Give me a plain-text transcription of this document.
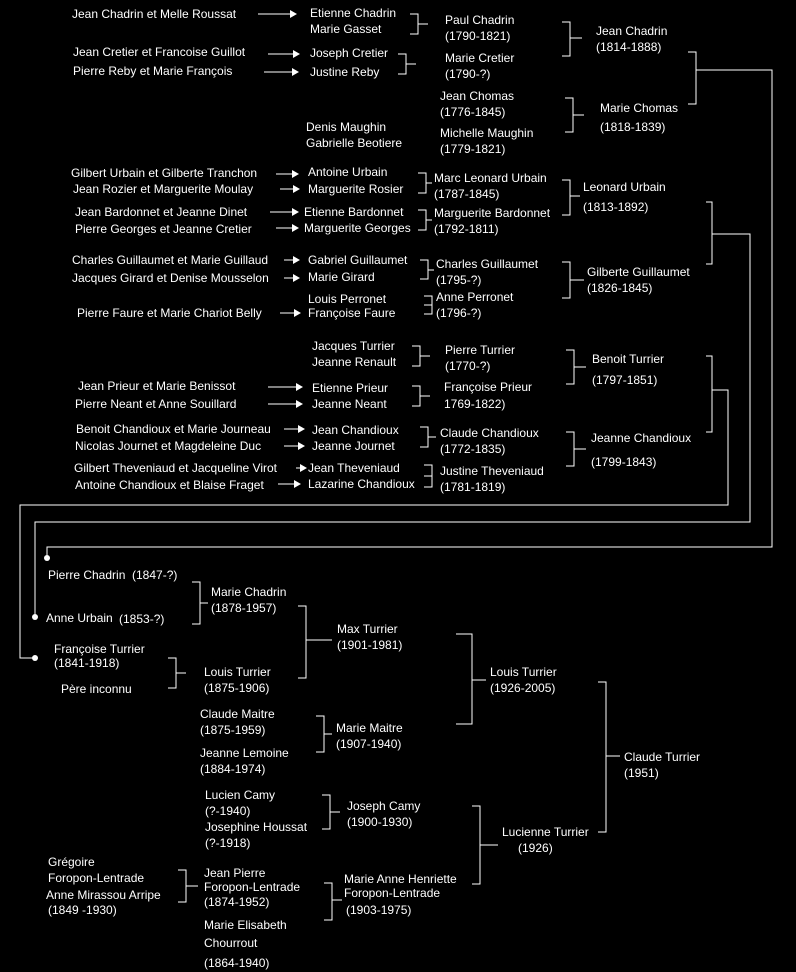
Jean Chadrin et Melle Roussat
Jean Cretier et Francoise Guillot
Pierre Reby et Marie François
Gilbert Urbain et Gilberte Tranchon
Jean Rozier et Marguerite Moulay
Jean Bardonnet et Jeanne Dinet
Pierre Georges et Jeanne Cretier
Charles Guillaumet et Marie Guillaud
Jacques Girard et Denise Mousselon
Pierre Faure et Marie Chariot Belly
Jean Prieur et Marie Benissot
Pierre Neant et Anne Souillard
Benoit Chandioux et Marie Journeau
Nicolas Journet et Magdeleine Duc
Gilbert Theveniaud et Jacqueline Virot
Antoine Chandioux et Blaise Fraget
Etienne Chadrin
Marie Gasset
Joseph Cretier
Justine Reby
Denis Maughin
Gabrielle Beotiere
Antoine Urbain
Marguerite Rosier
Etienne Bardonnet
Marguerite Georges
Gabriel Guillaumet
Marie Girard
Louis Perronet
Françoise Faure
Jacques Turrier
Jeanne Renault
Etienne Prieur
Jeanne Neant
Jean Chandioux
Jeanne Journet
Jean Theveniaud
Lazarine Chandioux
Paul Chadrin
(1790-1821)
Marie Cretier
(1790-?)
Jean Chomas
(1776-1845)
Michelle Maughin
(1779-1821)
Marc Leonard Urbain
(1787-1845)
Marguerite Bardonnet
(1792-1811)
Charles Guillaumet
(1795-?)
Anne Perronet
(1796-?)
Pierre Turrier
(1770-?)
Françoise Prieur
1769-1822)
Claude Chandioux
(1772-1835)
Justine Theveniaud
(1781-1819)
Jean Chadrin
(1814-1888)
Marie Chomas
(1818-1839)
Leonard Urbain
(1813-1892)
Gilberte Guillaumet
(1826-1845)
Benoit Turrier
(1797-1851)
Jeanne Chandioux
(1799-1843)
Pierre Chadrin (1847-?)
Anne Urbain (1853-?)
Françoise Turrier
(1841-1918)
Père inconnu
Marie Chadrin
(1878-1957)
Louis Turrier
(1875-1906)
Claude Maitre
(1875-1959)
Jeanne Lemoine
(1884-1974)
Lucien Camy
(?-1940)
Josephine Houssat
(?-1918)
Grégoire
Foropon-Lentrade
Anne Mirassou Arripe
(1849 -1930)
Jean Pierre
Foropon-Lentrade
(1874-1952)
Marie Elisabeth
Chourrout
(1864-1940)
Max Turrier
(1901-1981)
Marie Maitre
(1907-1940)
Joseph Camy
(1900-1930)
Marie Anne Henriette
Foropon-Lentrade
(1903-1975)
Louis Turrier
(1926-2005)
Lucienne Turrier
(1926)
Claude Turrier
(1951)
